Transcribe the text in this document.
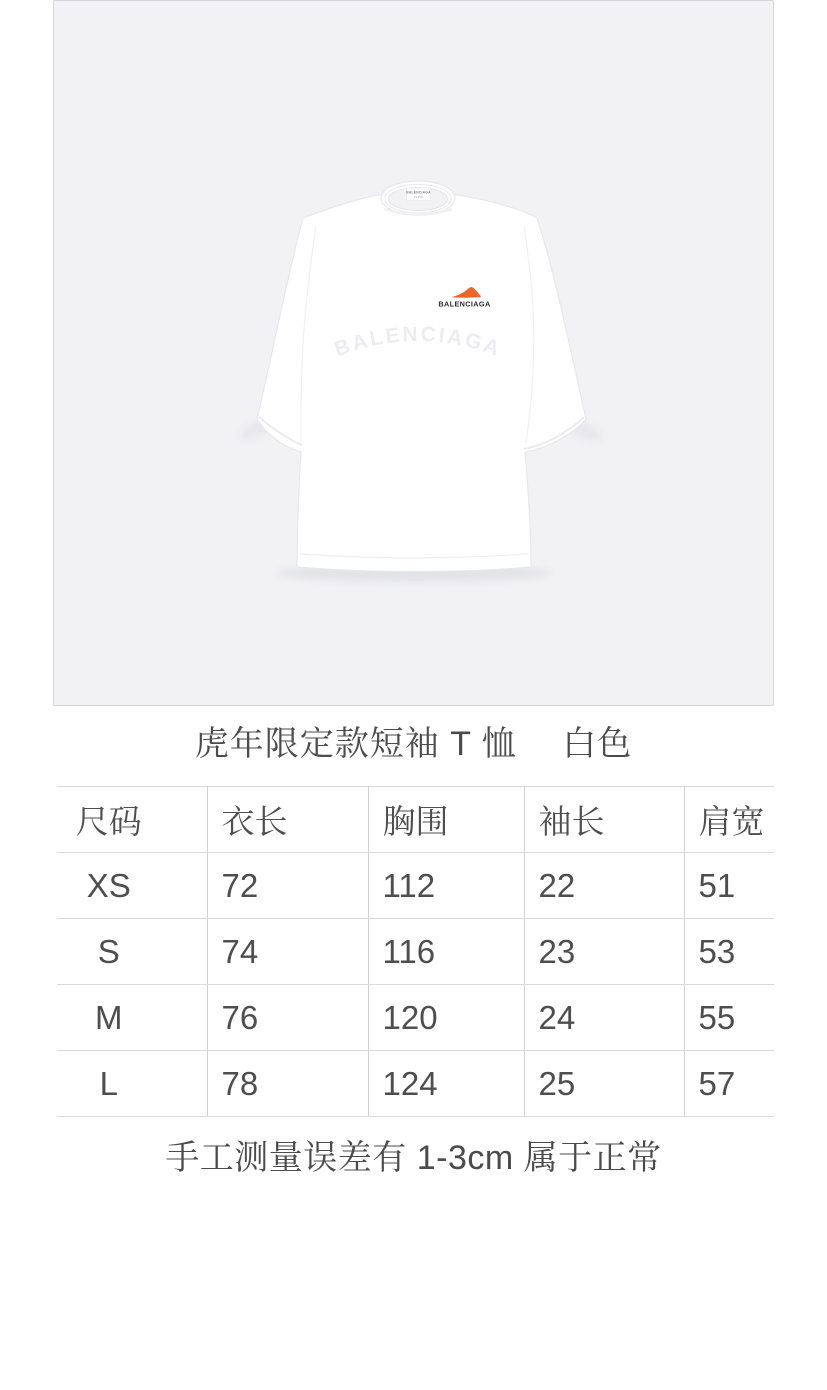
BALENCIAGA
PARIS
BALENCIAGA
BALENCIAGA
虎年限定款短袖 T 恤　 白色
尺码	衣长	胸围	袖长	肩宽
XS	72	112	22	51
S	74	116	23	53
M	76	120	24	55
L	78	124	25	57
手工测量误差有 1-3cm 属于正常
